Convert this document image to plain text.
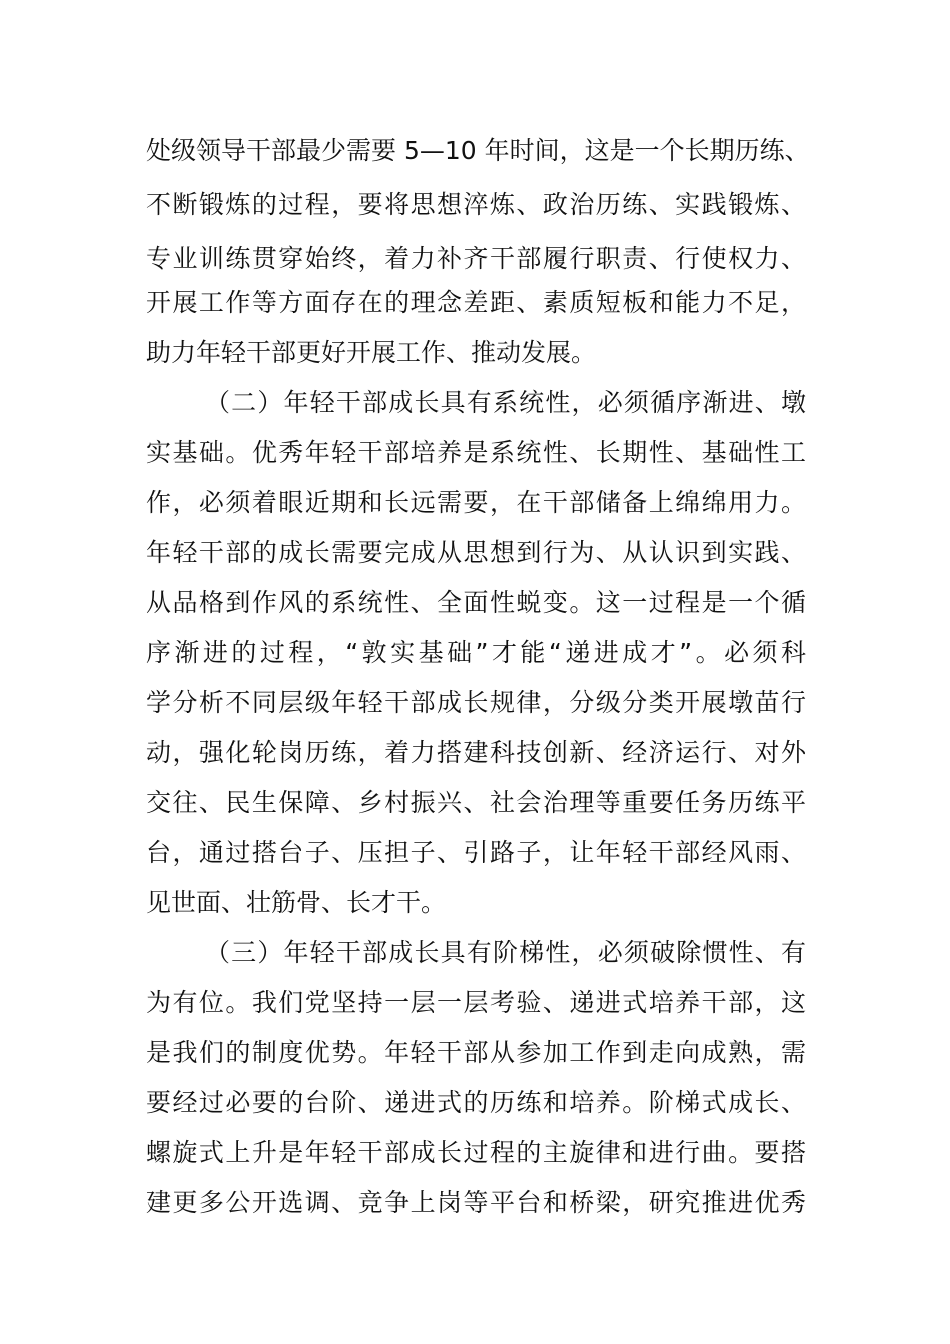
处级领导干部最少需要 5—10 年时间，这是一个长期历练、
不断锻炼的过程，要将思想淬炼、政治历练、实践锻炼、
专业训练贯穿始终，着力补齐干部履行职责、行使权力、
开展工作等方面存在的理念差距、素质短板和能力不足，
助力年轻干部更好开展工作、推动发展。
（二）年轻干部成长具有系统性，必须循序渐进、墩
实基础。优秀年轻干部培养是系统性、长期性、基础性工
作，必须着眼近期和长远需要，在干部储备上绵绵用力。
年轻干部的成长需要完成从思想到行为、从认识到实践、
从品格到作风的系统性、全面性蜕变。这一过程是一个循
序渐进的过程，“敦实基础”才能“递进成才”。必须科
学分析不同层级年轻干部成长规律，分级分类开展墩苗行
动，强化轮岗历练，着力搭建科技创新、经济运行、对外
交往、民生保障、乡村振兴、社会治理等重要任务历练平
台，通过搭台子、压担子、引路子，让年轻干部经风雨、
见世面、壮筋骨、长才干。
（三）年轻干部成长具有阶梯性，必须破除惯性、有
为有位。我们党坚持一层一层考验、递进式培养干部，这
是我们的制度优势。年轻干部从参加工作到走向成熟，需
要经过必要的台阶、递进式的历练和培养。阶梯式成长、
螺旋式上升是年轻干部成长过程的主旋律和进行曲。要搭
建更多公开选调、竞争上岗等平台和桥梁，研究推进优秀
